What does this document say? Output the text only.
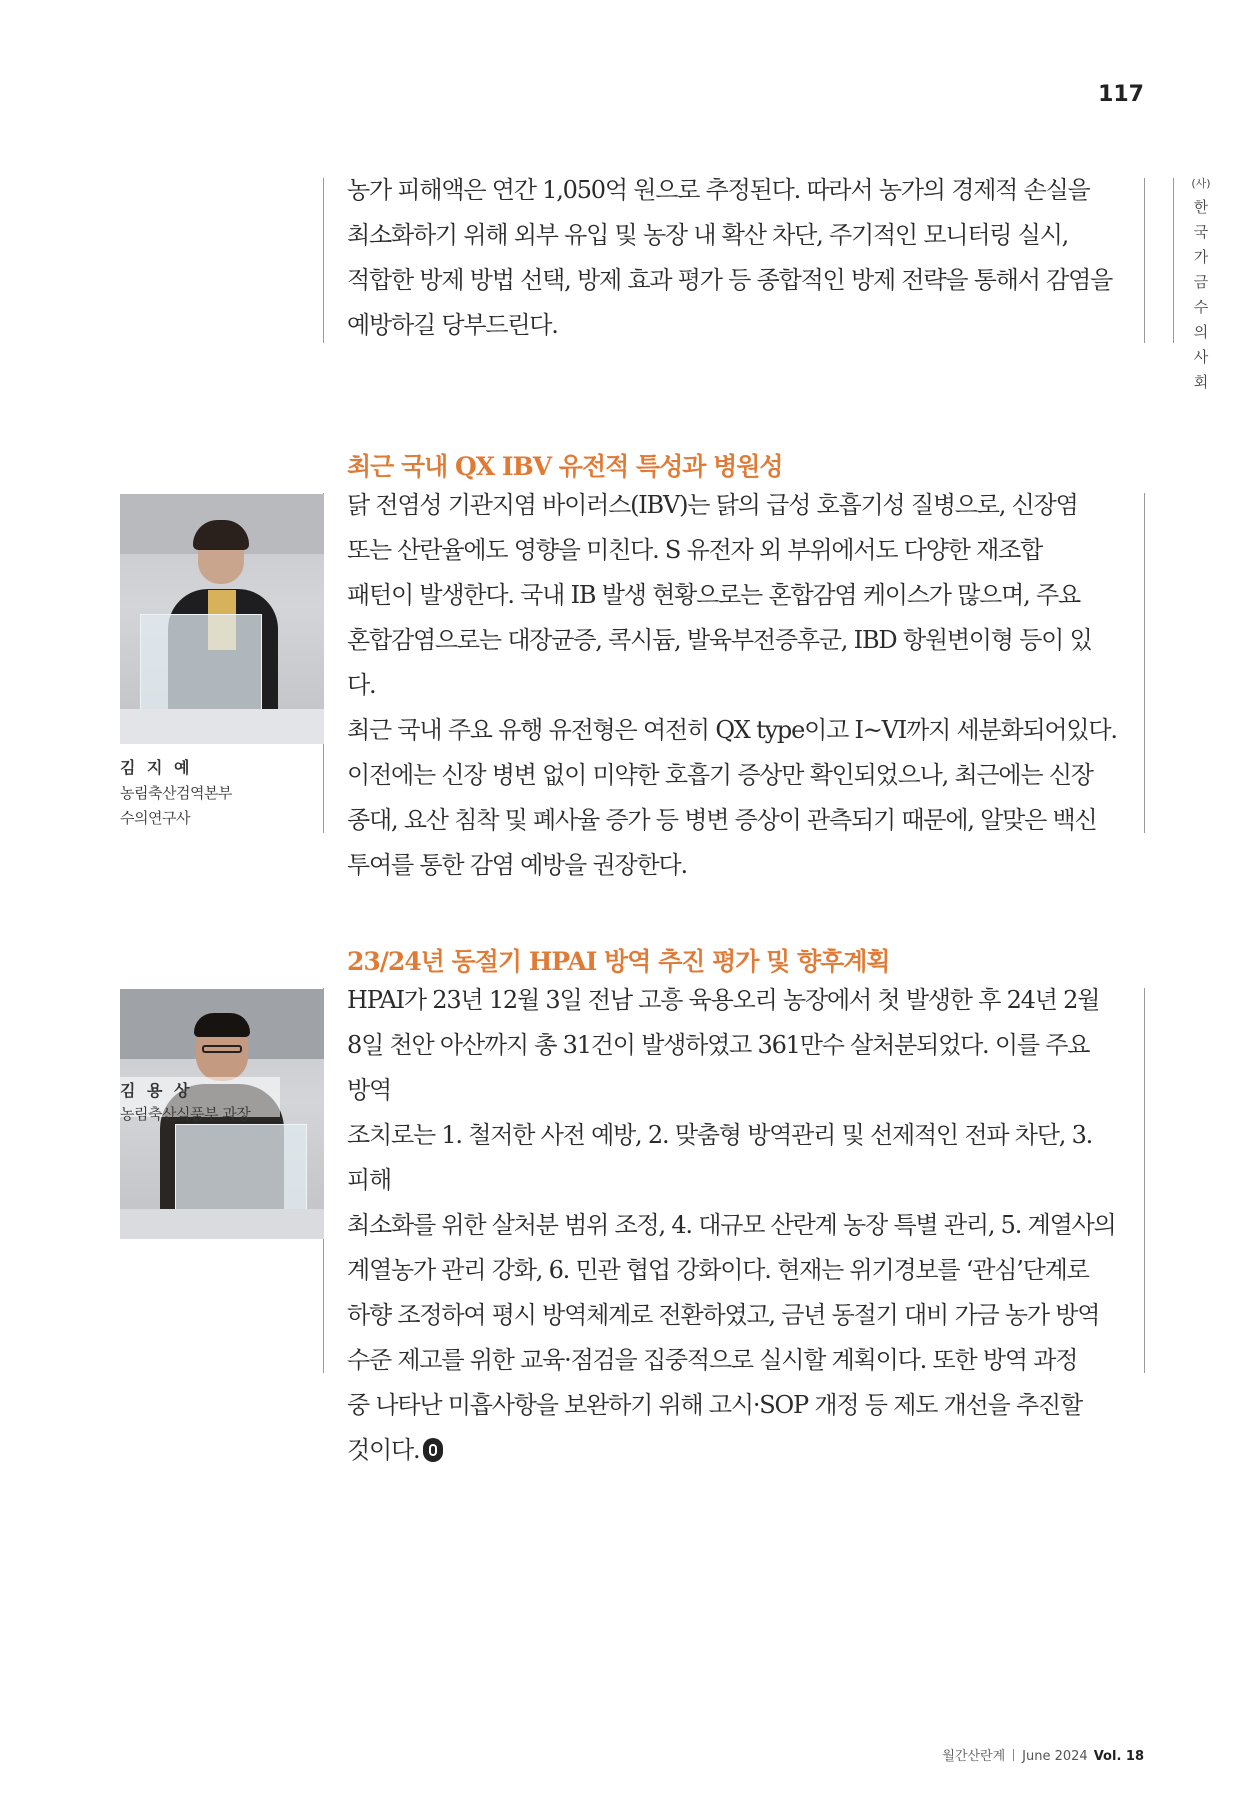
117
(사)
한
국
가
금
수
의
사
회

농가 피해액은 연간 1,050억 원으로 추정된다. 따라서 농가의 경제적 손실을
최소화하기 위해 외부 유입 및 농장 내 확산 차단, 주기적인 모니터링 실시,
적합한 방제 방법 선택, 방제 효과 평가 등 종합적인 방제 전략을 통해서 감염을
예방하길 당부드린다.

최근 국내 QX IBV 유전적 특성과 병원성
김 지 예
농림축산검역본부
수의연구사

닭 전염성 기관지염 바이러스(IBV)는 닭의 급성 호흡기성 질병으로, 신장염
또는 산란율에도 영향을 미친다. S 유전자 외 부위에서도 다양한 재조합
패턴이 발생한다. 국내 IB 발생 현황으로는 혼합감염 케이스가 많으며, 주요
혼합감염으로는 대장균증, 콕시듐, 발육부전증후군, IBD 항원변이형 등이 있다.
최근 국내 주요 유행 유전형은 여전히 QX type이고 I~VI까지 세분화되어있다.
이전에는 신장 병변 없이 미약한 호흡기 증상만 확인되었으나, 최근에는 신장
종대, 요산 침착 및 폐사율 증가 등 병변 증상이 관측되기 때문에, 알맞은 백신
투여를 통한 감염 예방을 권장한다.

23/24년 동절기 HPAI 방역 추진 평가 및 향후계획
김 용 상
농림축산식품부 과장

HPAI가 23년 12월 3일 전남 고흥 육용오리 농장에서 첫 발생한 후 24년 2월
8일 천안 아산까지 총 31건이 발생하였고 361만수 살처분되었다. 이를 주요 방역
조치로는 1. 철저한 사전 예방, 2. 맞춤형 방역관리 및 선제적인 전파 차단, 3. 피해
최소화를 위한 살처분 범위 조정, 4. 대규모 산란계 농장 특별 관리, 5. 계열사의
계열농가 관리 강화, 6. 민관 협업 강화이다. 현재는 위기경보를 ‘관심’단계로
하향 조정하여 평시 방역체계로 전환하였고, 금년 동절기 대비 가금 농가 방역
수준 제고를 위한 교육·점검을 집중적으로 실시할 계획이다. 또한 방역 과정
중 나타난 미흡사항을 보완하기 위해 고시·SOP 개정 등 제도 개선을 추진할
것이다.

월간산란계 June 2024 Vol. 18
